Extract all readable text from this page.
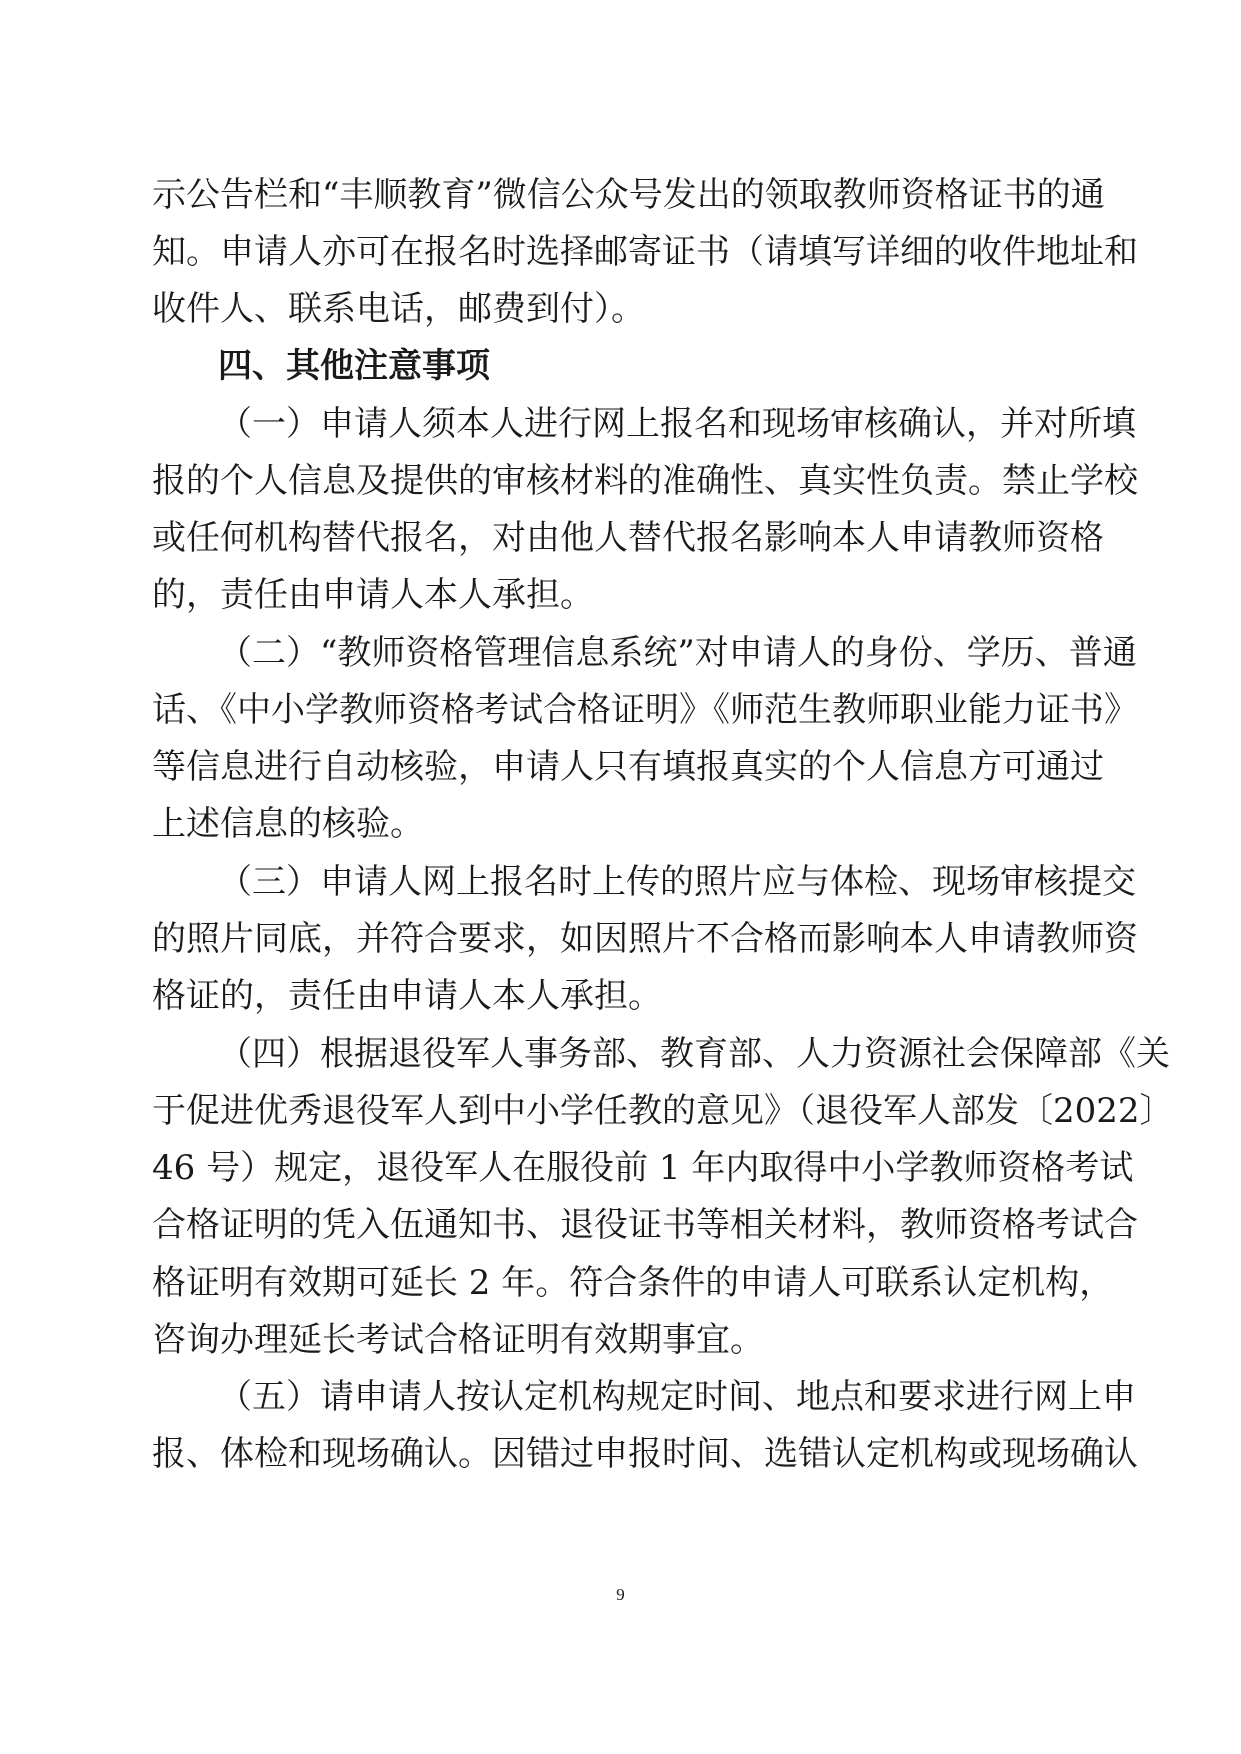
示公告栏和“丰顺教育”微信公众号发出的领取教师资格证书的通
知。申请人亦可在报名时选择邮寄证书（请填写详细的收件地址和
收件人、联系电话，邮费到付）。
四、其他注意事项
（一）申请人须本人进行网上报名和现场审核确认，并对所填
报的个人信息及提供的审核材料的准确性、真实性负责。禁止学校
或任何机构替代报名，对由他人替代报名影响本人申请教师资格
的，责任由申请人本人承担。
（二）“教师资格管理信息系统”对申请人的身份、学历、普通
话、《中小学教师资格考试合格证明》《师范生教师职业能力证书》
等信息进行自动核验，申请人只有填报真实的个人信息方可通过
上述信息的核验。
（三）申请人网上报名时上传的照片应与体检、现场审核提交
的照片同底，并符合要求，如因照片不合格而影响本人申请教师资
格证的，责任由申请人本人承担。
（四）根据退役军人事务部、教育部、人力资源社会保障部《关
于促进优秀退役军人到中小学任教的意见》（退役军人部发〔2022〕
46 号）规定，退役军人在服役前 1 年内取得中小学教师资格考试
合格证明的凭入伍通知书、退役证书等相关材料，教师资格考试合
格证明有效期可延长 2 年。符合条件的申请人可联系认定机构，
咨询办理延长考试合格证明有效期事宜。
（五）请申请人按认定机构规定时间、地点和要求进行网上申
报、体检和现场确认。因错过申报时间、选错认定机构或现场确认
9
